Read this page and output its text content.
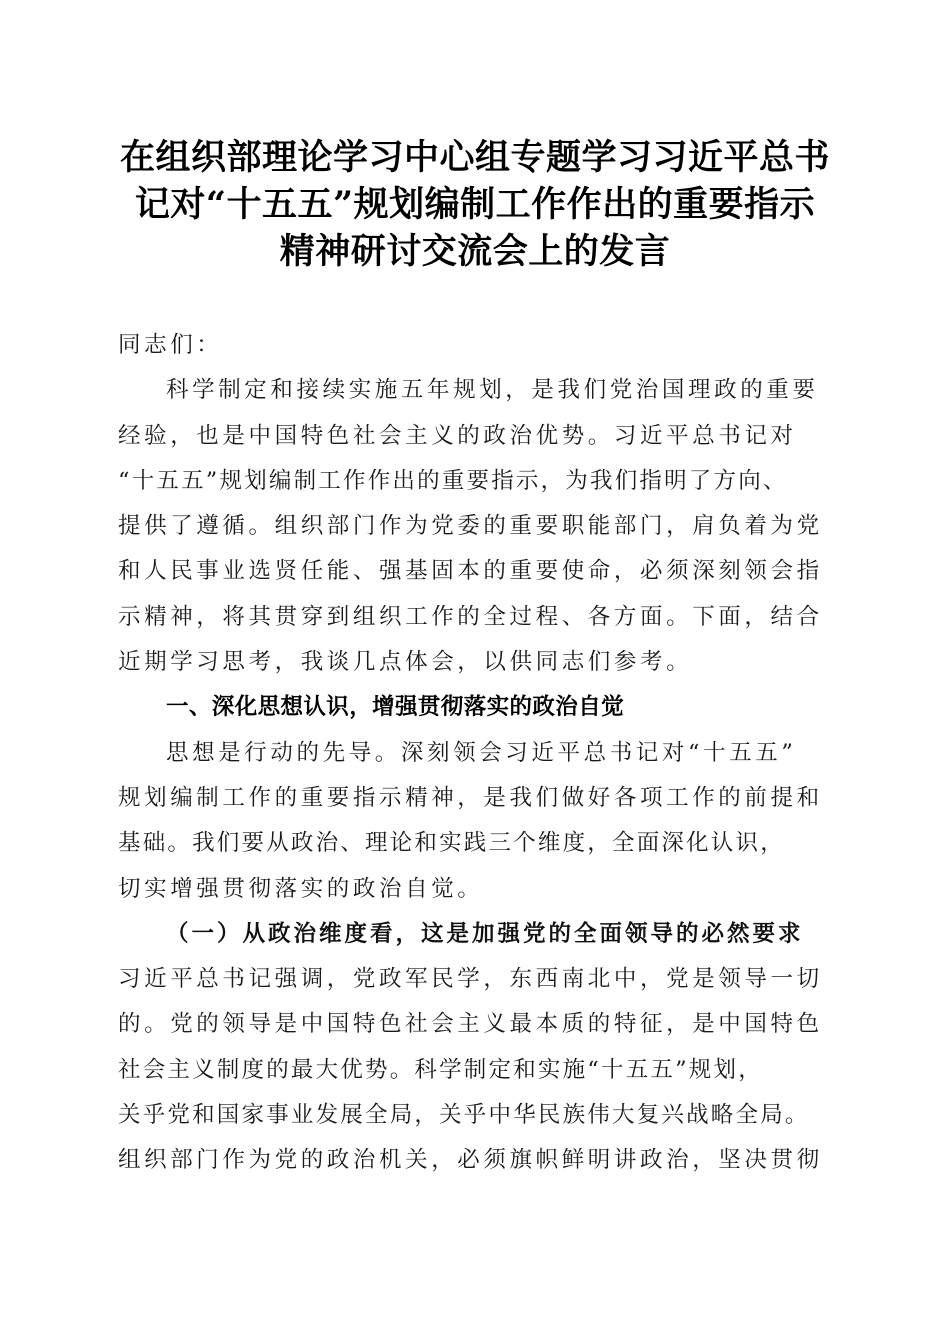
在组织部理论学习中心组专题学习习近平总书
记对“十五五”规划编制工作作出的重要指示
精神研讨交流会上的发言
同志们：
科学制定和接续实施五年规划，是我们党治国理政的重要
经验，也是中国特色社会主义的政治优势。习近平总书记对
“十五五”规划编制工作作出的重要指示，为我们指明了方向、
提供了遵循。组织部门作为党委的重要职能部门，肩负着为党
和人民事业选贤任能、强基固本的重要使命，必须深刻领会指
示精神，将其贯穿到组织工作的全过程、各方面。下面，结合
近期学习思考，我谈几点体会，以供同志们参考。
一、深化思想认识，增强贯彻落实的政治自觉
思想是行动的先导。深刻领会习近平总书记对“十五五”
规划编制工作的重要指示精神，是我们做好各项工作的前提和
基础。我们要从政治、理论和实践三个维度，全面深化认识，
切实增强贯彻落实的政治自觉。
（一）从政治维度看，这是加强党的全面领导的必然要求
习近平总书记强调，党政军民学，东西南北中，党是领导一切
的。党的领导是中国特色社会主义最本质的特征，是中国特色
社会主义制度的最大优势。科学制定和实施“十五五”规划，
关乎党和国家事业发展全局，关乎中华民族伟大复兴战略全局。
组织部门作为党的政治机关，必须旗帜鲜明讲政治，坚决贯彻
